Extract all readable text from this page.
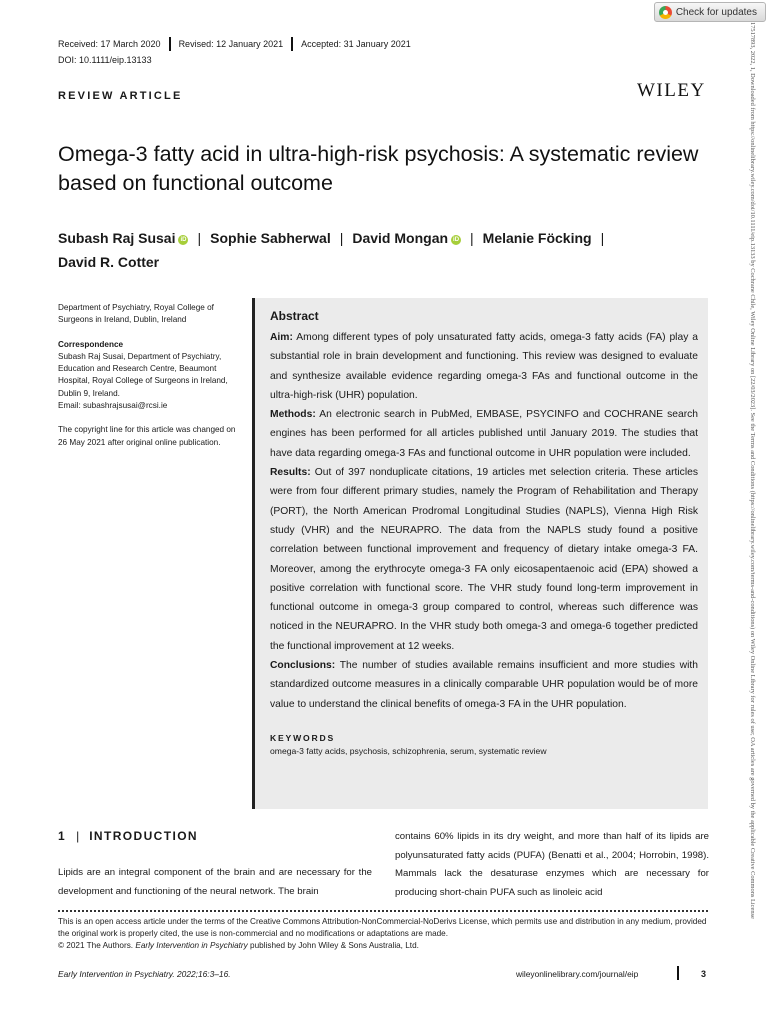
Check for updates
17517893, 2022, 1, Downloaded from https://onlinelibrary.wiley.com/doi/10.1111/eip.13133 by Cochrane Chile, Wiley Online Library on [22/03/2023]. See the Terms and Conditions (https://onlinelibrary.wiley.com/terms-and-conditions) on Wiley Online Library for rules of use; OA articles are governed by the applicable Creative Commons License
Received: 17 March 2020 Revised: 12 January 2021 Accepted: 31 January 2021
DOI: 10.1111/eip.13133
REVIEW ARTICLE	WILEY
Omega-3 fatty acid in ultra-high-risk psychosis: A systematic review based on functional outcome
Subash Raj Susai iD | Sophie Sabherwal | David Mongan iD | Melanie Föcking |
David R. Cotter

Department of Psychiatry, Royal College of Surgeons in Ireland, Dublin, Ireland

Correspondence
Subash Raj Susai, Department of Psychiatry, Education and Research Centre, Beaumont Hospital, Royal College of Surgeons in Ireland, Dublin 9, Ireland.
Email: subashrajsusai@rcsi.ie

The copyright line for this article was changed on 26 May 2021 after original online publication.

Abstract

Aim: Among different types of poly unsaturated fatty acids, omega-3 fatty acids (FA) play a substantial role in brain development and functioning. This review was designed to evaluate and synthesize available evidence regarding omega-3 FAs and functional outcome in the ultra-high-risk (UHR) population.

Methods: An electronic search in PubMed, EMBASE, PSYCINFO and COCHRANE search engines has been performed for all articles published until January 2019. The studies that have data regarding omega-3 FAs and functional outcome in UHR population were included.

Results: Out of 397 nonduplicate citations, 19 articles met selection criteria. These articles were from four different primary studies, namely the Program of Rehabilitation and Therapy (PORT), the North American Prodromal Longitudinal Studies (NAPLS), Vienna High Risk study (VHR) and the NEURAPRO. The data from the NAPLS study found a positive correlation between functional improvement and frequency of dietary intake omega-3 FA. Moreover, among the erythrocyte omega-3 FA only eicosapentaenoic acid (EPA) showed a positive correlation with functional score. The VHR study found long-term improvement in functional outcome in omega-3 group compared to control, whereas such difference was noticed in the NEURAPRO. In the VHR study both omega-3 and omega-6 together predicted the functional improvement at 12 weeks.

Conclusions: The number of studies available remains insufficient and more studies with standardized outcome measures in a clinically comparable UHR population would be of more value to understand the clinical benefits of omega-3 FA in the UHR population.

KEYWORDS

omega-3 fatty acids, psychosis, schizophrenia, serum, systematic review

1 | INTRODUCTION

Lipids are an integral component of the brain and are necessary for the development and functioning of the neural network. The brain

contains 60% lipids in its dry weight, and more than half of its lipids are polyunsaturated fatty acids (PUFA) (Benatti et al., 2004; Horrobin, 1998). Mammals lack the desaturase enzymes which are necessary for producing short-chain PUFA such as linoleic acid

This is an open access article under the terms of the Creative Commons Attribution-NonCommercial-NoDerivs License, which permits use and distribution in any medium, provided the original work is properly cited, the use is non-commercial and no modifications or adaptations are made.

© 2021 The Authors. Early Intervention in Psychiatry published by John Wiley & Sons Australia, Ltd.

Early Intervention in Psychiatry. 2022;16:3–16.	wileyonlinelibrary.com/journal/eip	3
